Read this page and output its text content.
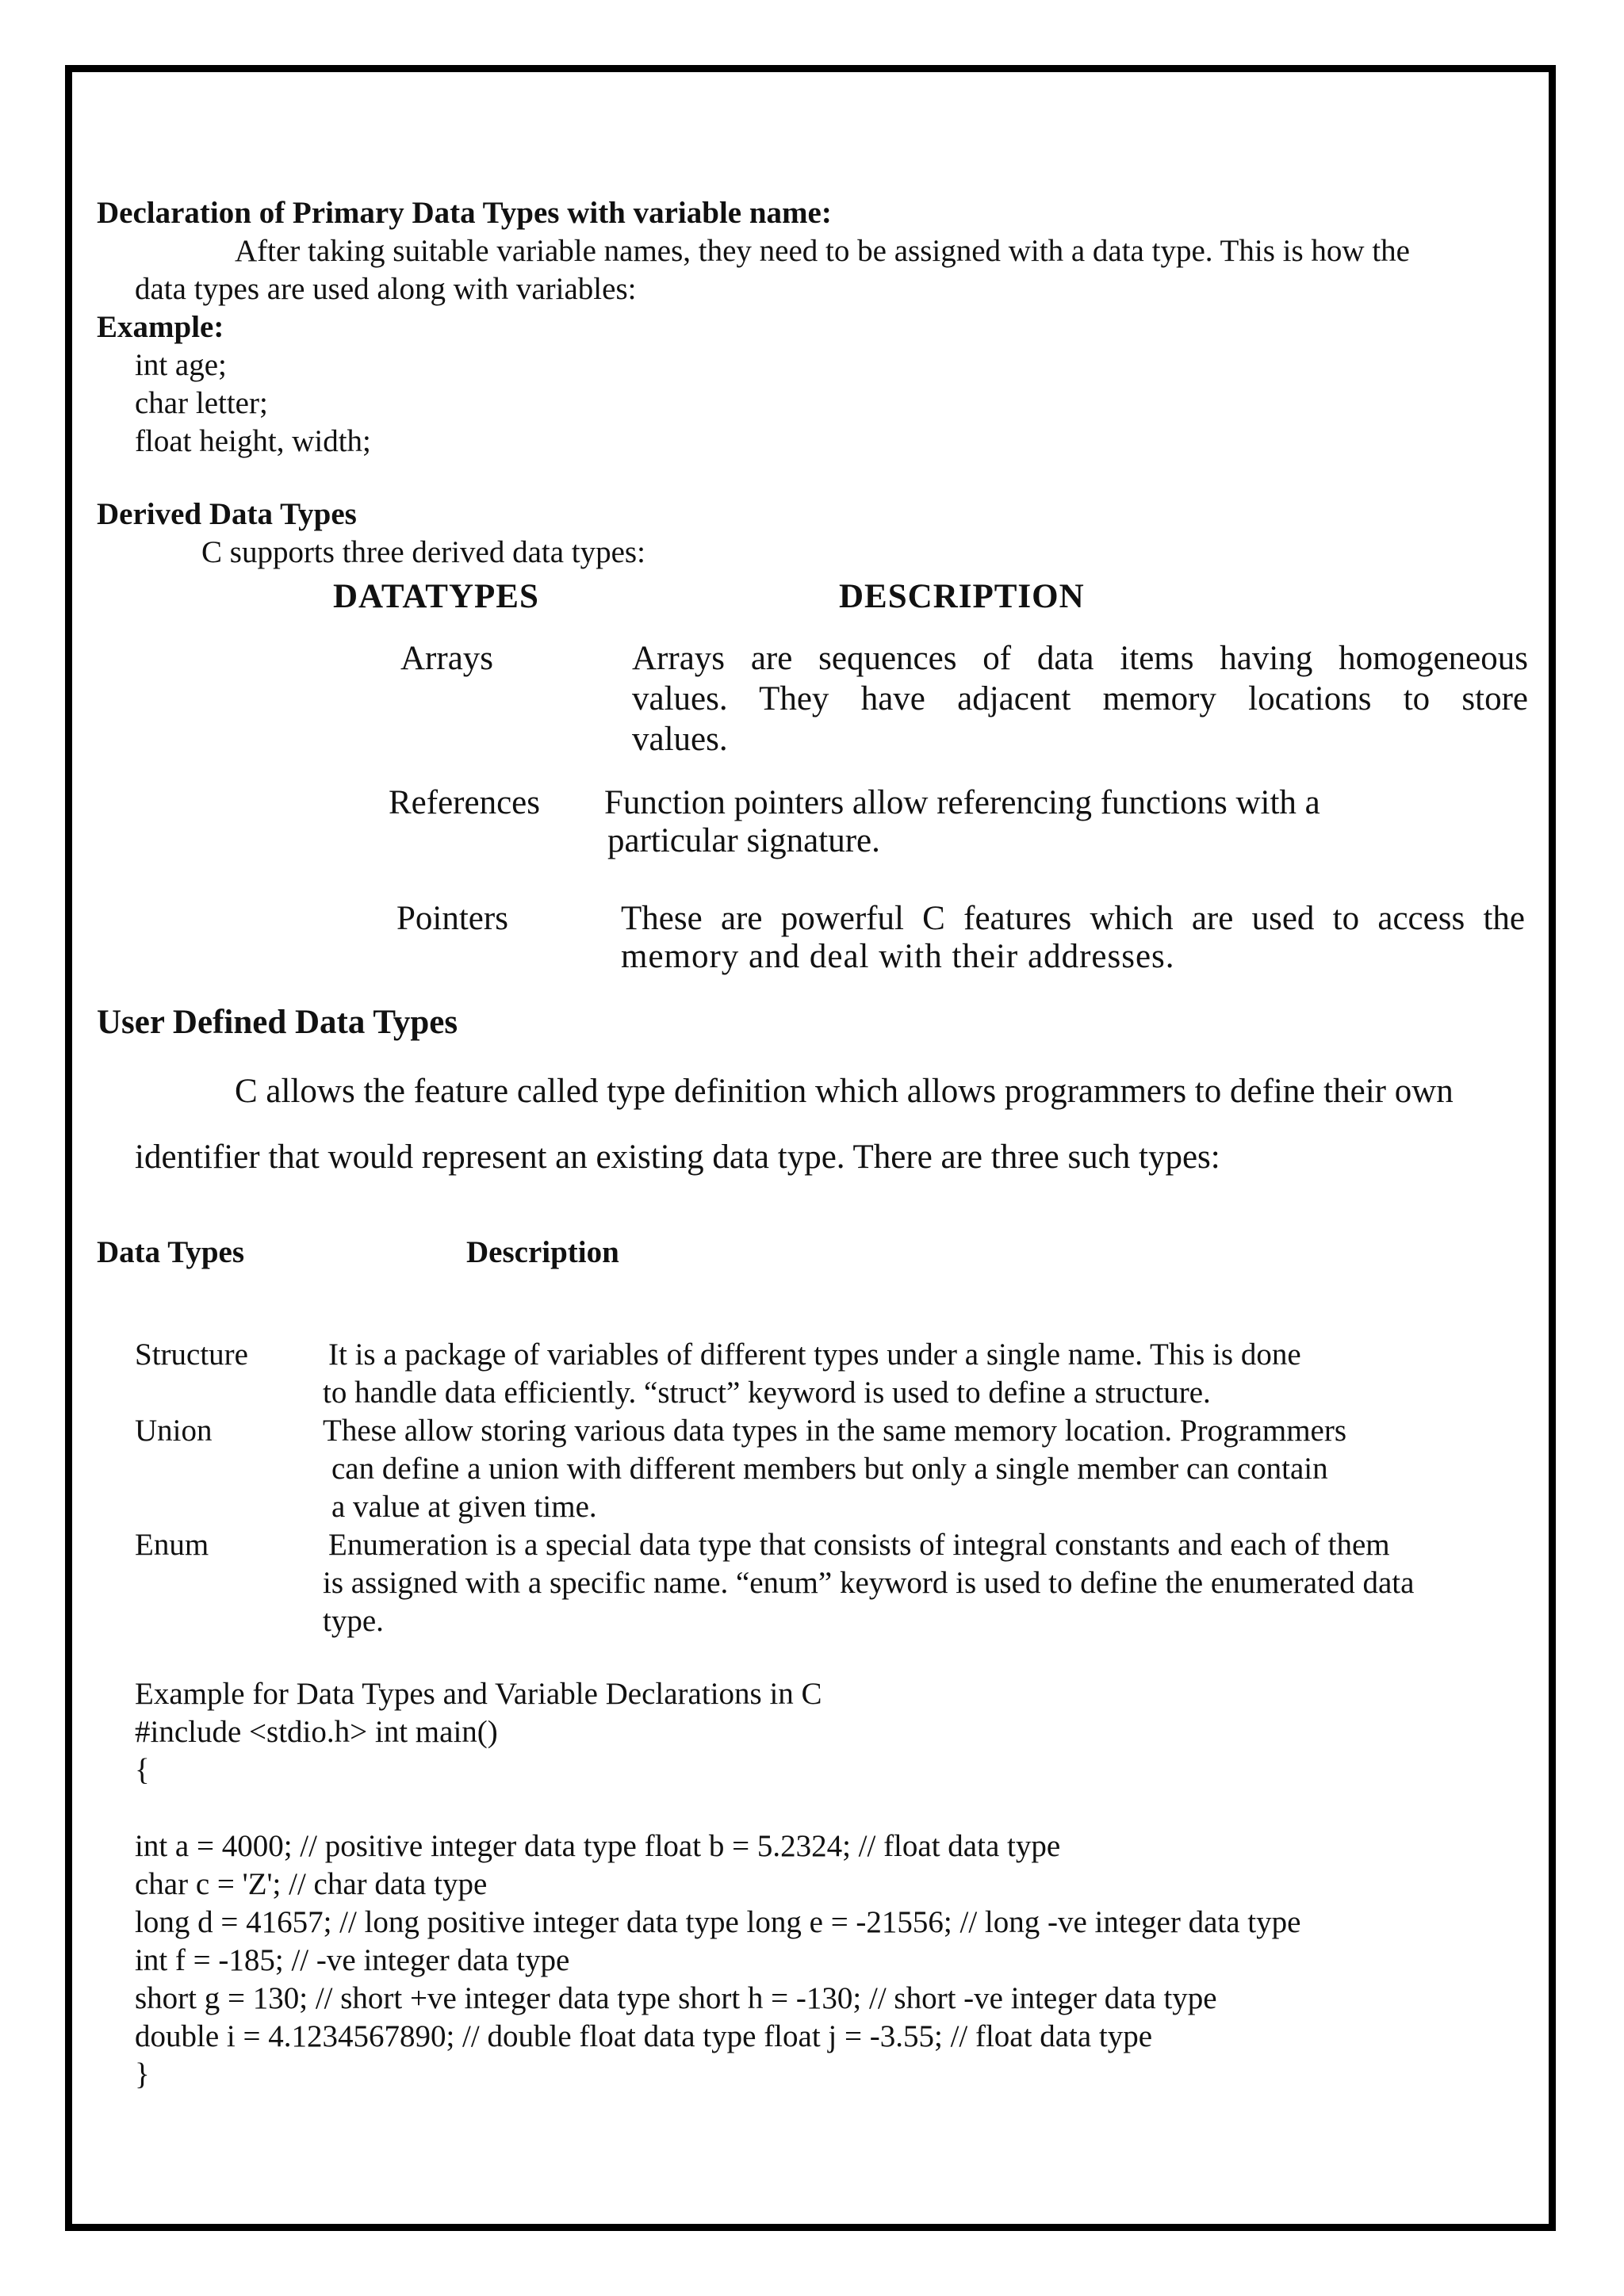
Declaration of Primary Data Types with variable name:
After taking suitable variable names, they need to be assigned with a data type. This is how the
data types are used along with variables:
Example:
int age;
char letter;
float height, width;
Derived Data Types
C supports three derived data types:
DATATYPES	DESCRIPTION
Arrays	Arrays are sequences of data items having homogeneous
values. They have adjacent memory locations to store
values.
References Function pointers allow referencing functions with a
particular signature.
Pointers	These are powerful C features which are used to access the
memory and deal with their addresses.
User Defined Data Types
C allows the feature called type definition which allows programmers to define their own
identifier that would represent an existing data type. There are three such types:
Data Types	Description
Structure	It is a package of variables of different types under a single name. This is done
to handle data efficiently. “struct” keyword is used to define a structure.
Union	These allow storing various data types in the same memory location. Programmers
can define a union with different members but only a single member can contain
a value at given time.
Enum	Enumeration is a special data type that consists of integral constants and each of them
is assigned with a specific name. “enum” keyword is used to define the enumerated data
type.
Example for Data Types and Variable Declarations in C
#include <stdio.h> int main()
{
int a = 4000; // positive integer data type float b = 5.2324; // float data type
char c = 'Z'; // char data type
long d = 41657; // long positive integer data type long e = -21556; // long -ve integer data type
int f = -185; // -ve integer data type
short g = 130; // short +ve integer data type short h = -130; // short -ve integer data type
double i = 4.1234567890; // double float data type float j = -3.55; // float data type
}
